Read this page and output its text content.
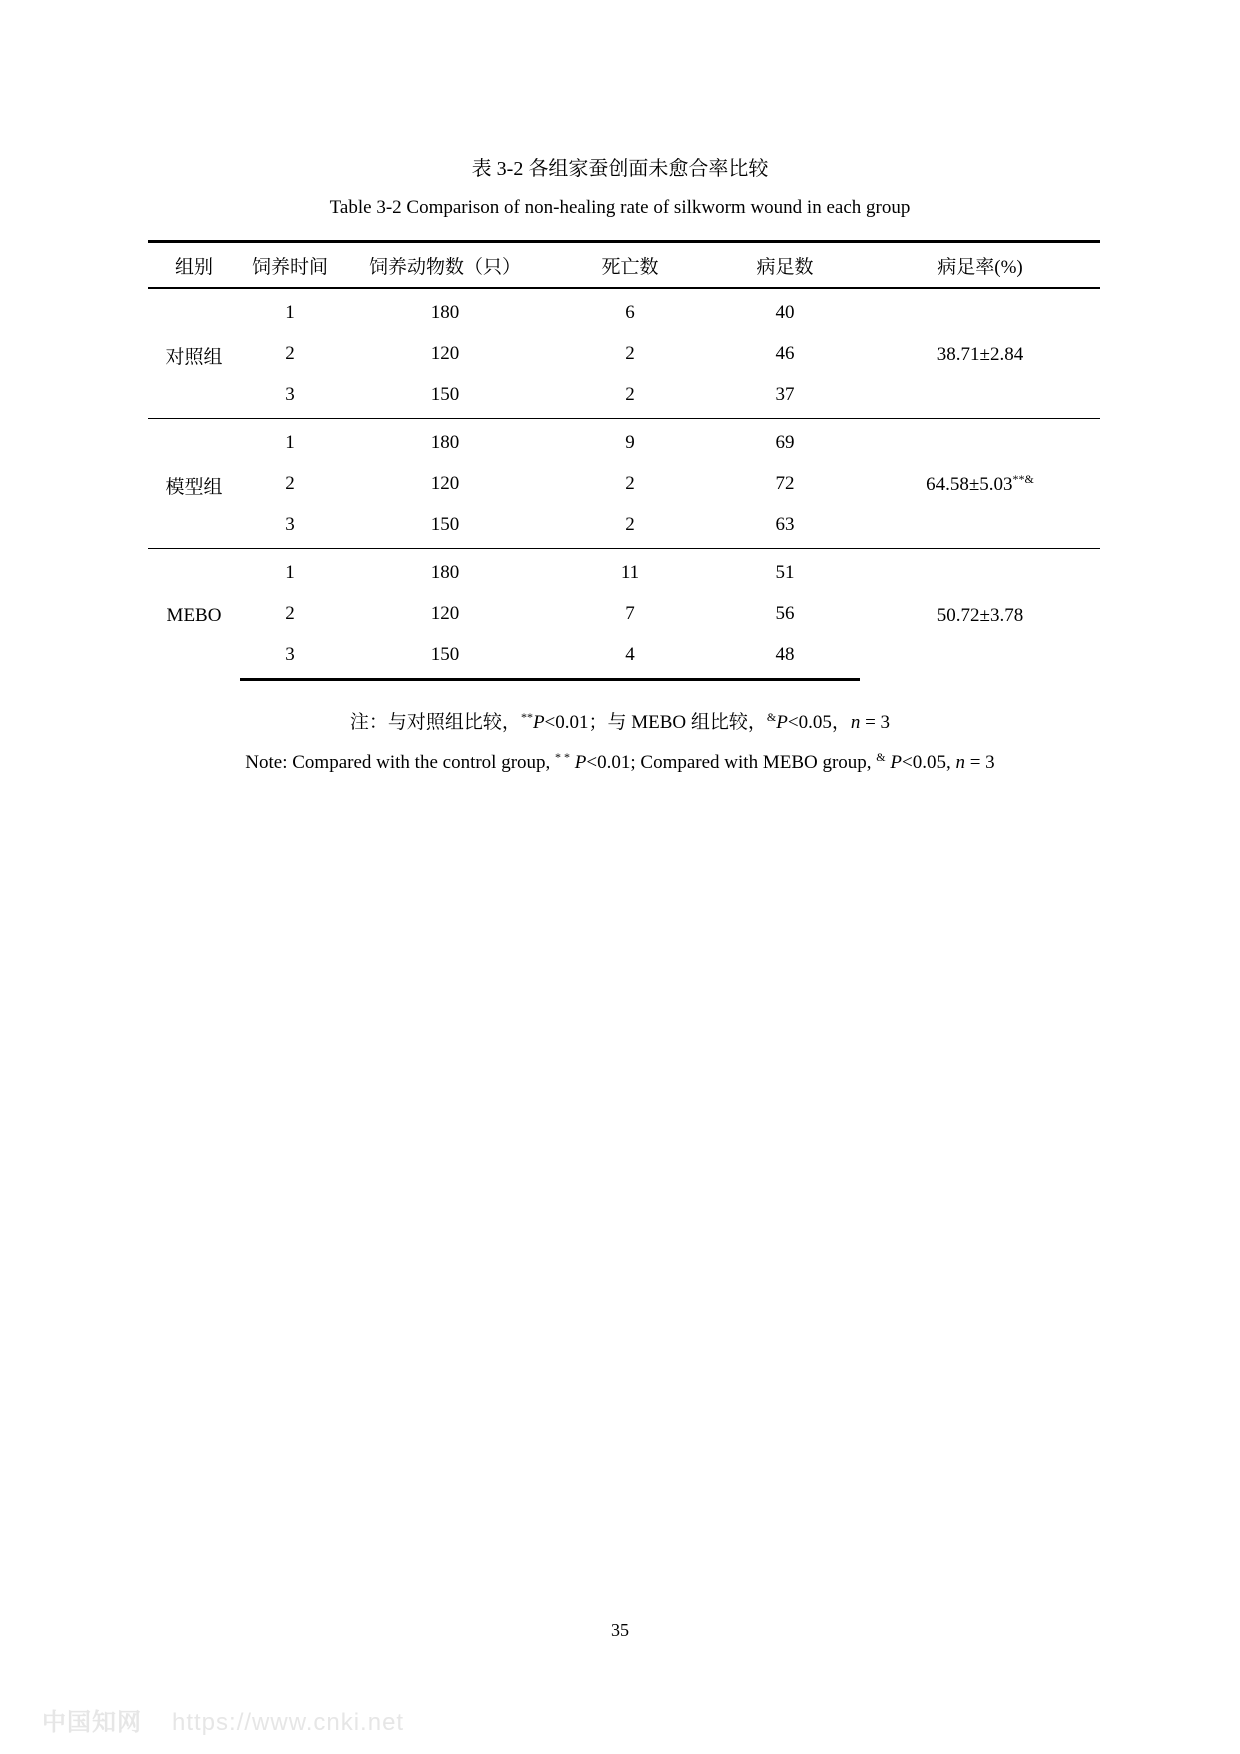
表 3-2 各组家蚕创面未愈合率比较
Table 3-2 Comparison of non-healing rate of silkworm wound in each group
组别	饲养时间	饲养动物数（只）	死亡数	病足数	病足率(%)
对照组	1	180	6	40	38.71±2.84
	2	120	2	46	
	3	150	2	37	
模型组	1	180	9	69	64.58±5.03**&
	2	120	2	72	
	3	150	2	63	
MEBO	1	180	11	51	50.72±3.78
	2	120	7	56	
	3	150	4	48	
注：与对照组比较，**P<0.01；与 MEBO 组比较，&P<0.05，n = 3
Note: Compared with the control group, * * P<0.01; Compared with MEBO group, & P<0.05, n = 3
35
中国知网 https://www.cnki.net
